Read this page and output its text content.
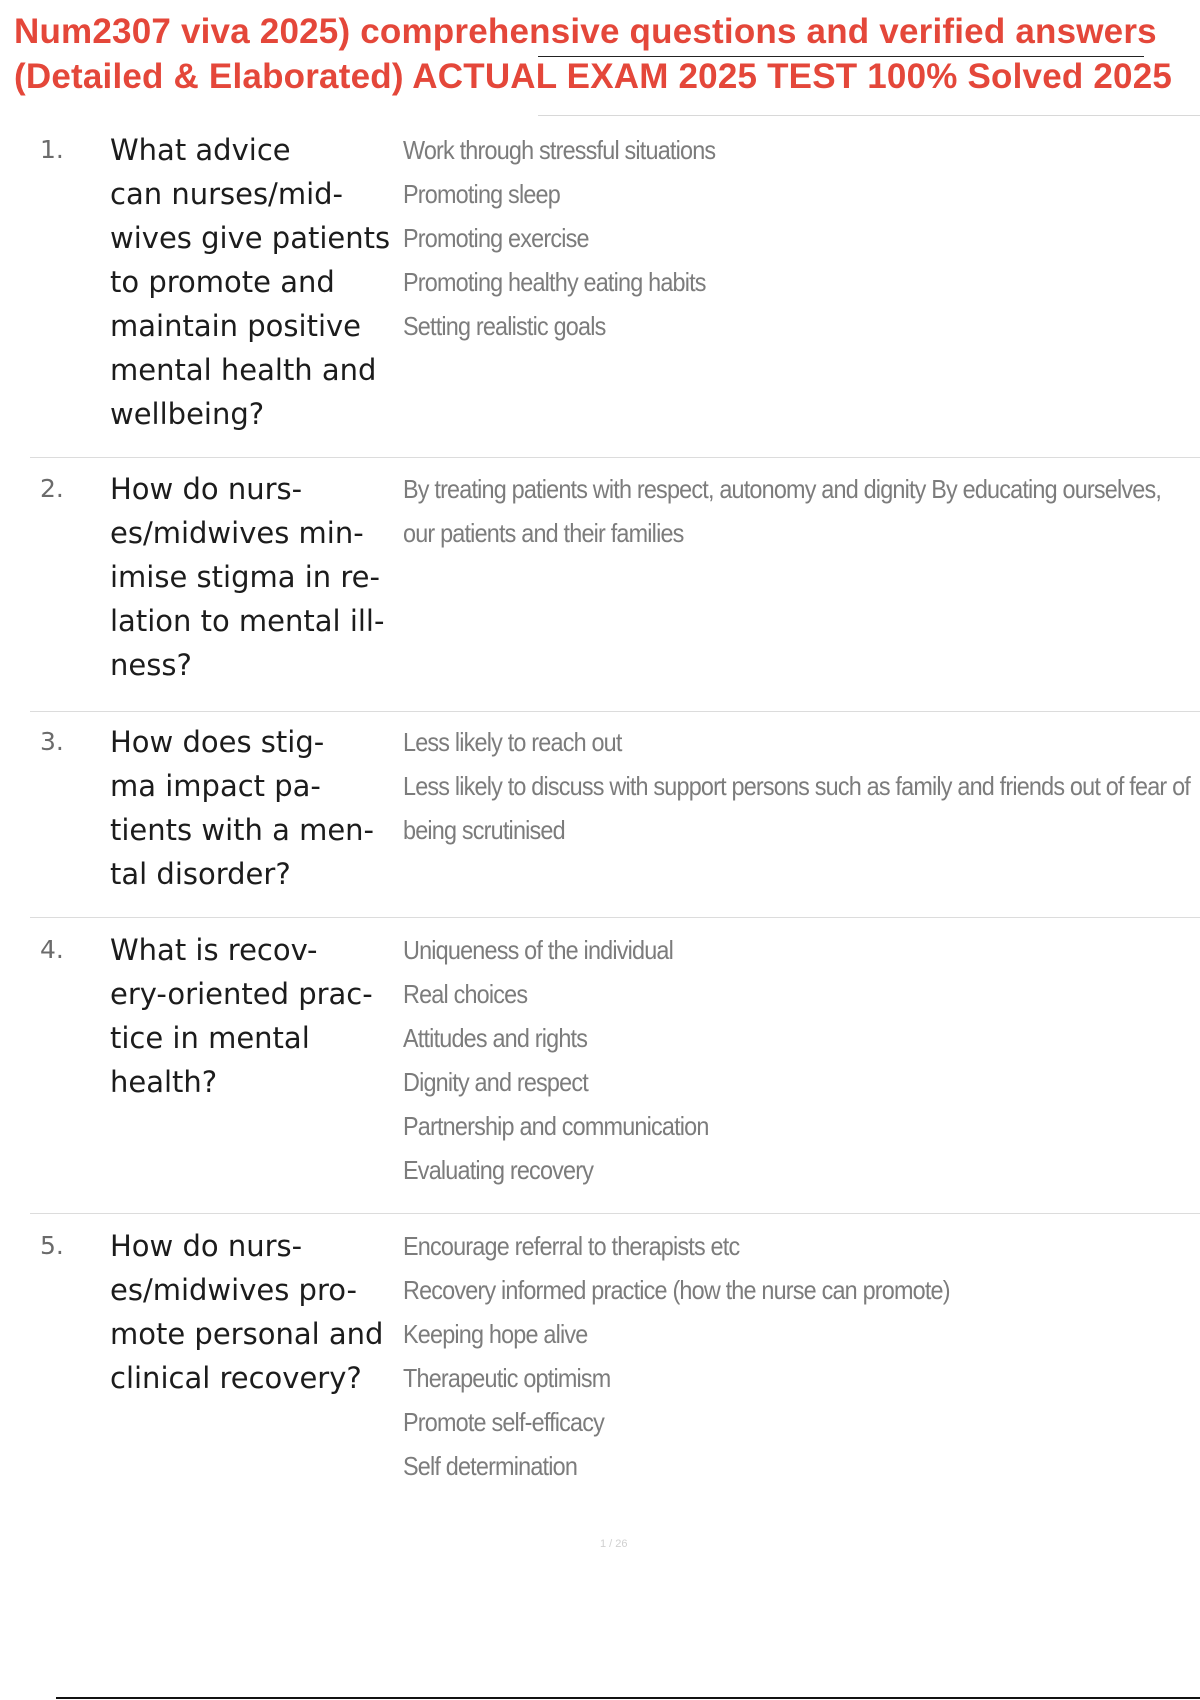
Num2307 viva 2025) comprehensive questions and verified answers
(Detailed & Elaborated) ACTUAL EXAM 2025 TEST 100% Solved 2025
1. What advice
can nurses/mid-
wives give patients
to promote and
maintain positive
mental health and
wellbeing?

Work through stressful situations
Promoting sleep
Promoting exercise
Promoting healthy eating habits
Setting realistic goals
2. How do nurs-
es/midwives min-
imise stigma in re-
lation to mental ill-
ness?

By treating patients with respect, autonomy and dignity By educating ourselves, our patients and their families
3. How does stig-
ma impact pa-
tients with a men-
tal disorder?

Less likely to reach out
Less likely to discuss with support persons such as family and friends out of fear of being scrutinised
4. What is recov-
ery-oriented prac-
tice in mental
health?

Uniqueness of the individual
Real choices
Attitudes and rights
Dignity and respect
Partnership and communication
Evaluating recovery
5. How do nurs-
es/midwives pro-
mote personal and
clinical recovery?

Encourage referral to therapists etc
Recovery informed practice (how the nurse can promote)
Keeping hope alive
Therapeutic optimism
Promote self-efficacy
Self determination
1 / 26
